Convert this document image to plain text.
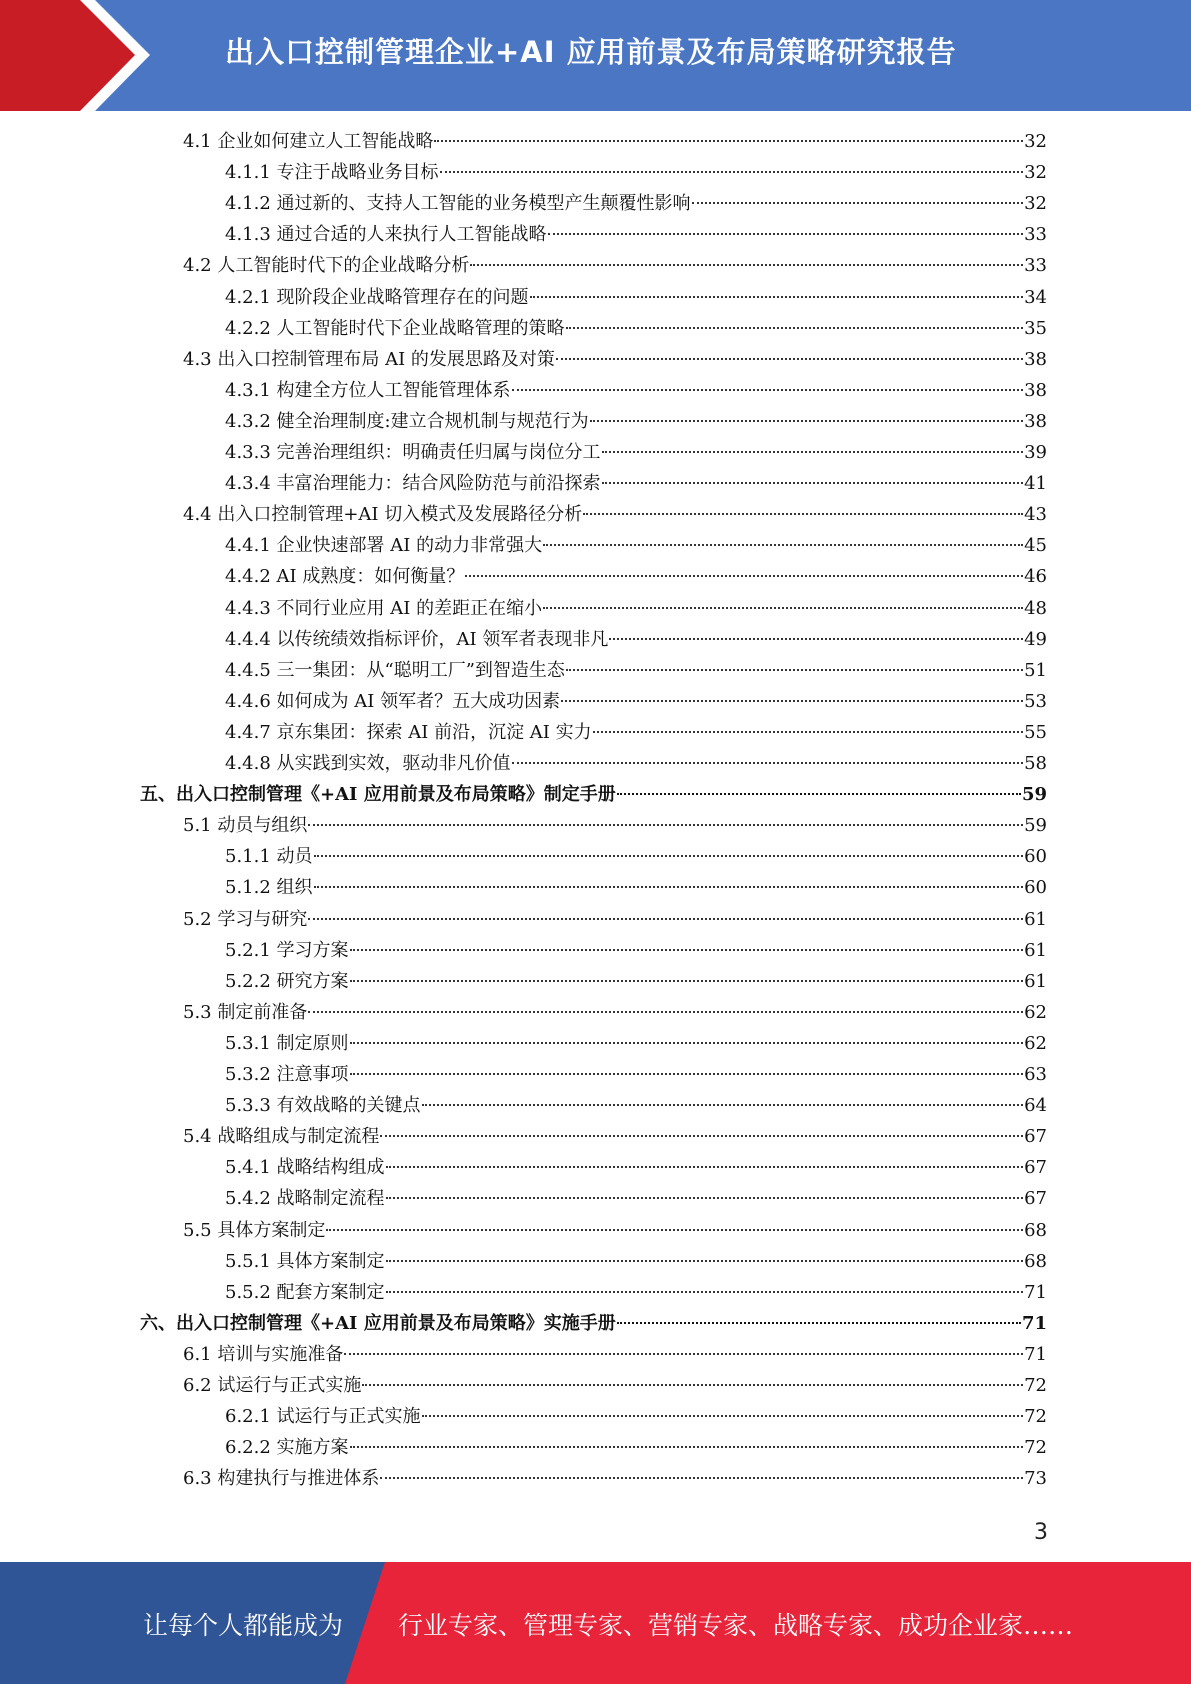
出入口控制管理企业+AI 应用前景及布局策略研究报告
4.1 企业如何建立人工智能战略	32
4.1.1 专注于战略业务目标	32
4.1.2 通过新的、支持人工智能的业务模型产生颠覆性影响	32
4.1.3 通过合适的人来执行人工智能战略	33
4.2 人工智能时代下的企业战略分析	33
4.2.1 现阶段企业战略管理存在的问题	34
4.2.2 人工智能时代下企业战略管理的策略	35
4.3 出入口控制管理布局 AI 的发展思路及对策	38
4.3.1 构建全方位人工智能管理体系	38
4.3.2 健全治理制度:建立合规机制与规范行为	38
4.3.3 完善治理组织：明确责任归属与岗位分工	39
4.3.4 丰富治理能力：结合风险防范与前沿探索	41
4.4 出入口控制管理+AI 切入模式及发展路径分析	43
4.4.1 企业快速部署 AI 的动力非常强大	45
4.4.2 AI 成熟度：如何衡量？	46
4.4.3 不同行业应用 AI 的差距正在缩小	48
4.4.4 以传统绩效指标评价，AI 领军者表现非凡	49
4.4.5 三一集团：从“聪明工厂”到智造生态	51
4.4.6 如何成为 AI 领军者？五大成功因素	53
4.4.7 京东集团：探索 AI 前沿，沉淀 AI 实力	55
4.4.8 从实践到实效，驱动非凡价值	58
五、出入口控制管理《+AI 应用前景及布局策略》制定手册	59
5.1 动员与组织	59
5.1.1 动员	60
5.1.2 组织	60
5.2 学习与研究	61
5.2.1 学习方案	61
5.2.2 研究方案	61
5.3 制定前准备	62
5.3.1 制定原则	62
5.3.2 注意事项	63
5.3.3 有效战略的关键点	64
5.4 战略组成与制定流程	67
5.4.1 战略结构组成	67
5.4.2 战略制定流程	67
5.5 具体方案制定	68
5.5.1 具体方案制定	68
5.5.2 配套方案制定	71
六、出入口控制管理《+AI 应用前景及布局策略》实施手册	71
6.1 培训与实施准备	71
6.2 试运行与正式实施	72
6.2.1 试运行与正式实施	72
6.2.2 实施方案	72
6.3 构建执行与推进体系	73
3
让每个人都能成为 行业专家、管理专家、营销专家、战略专家、成功企业家……
